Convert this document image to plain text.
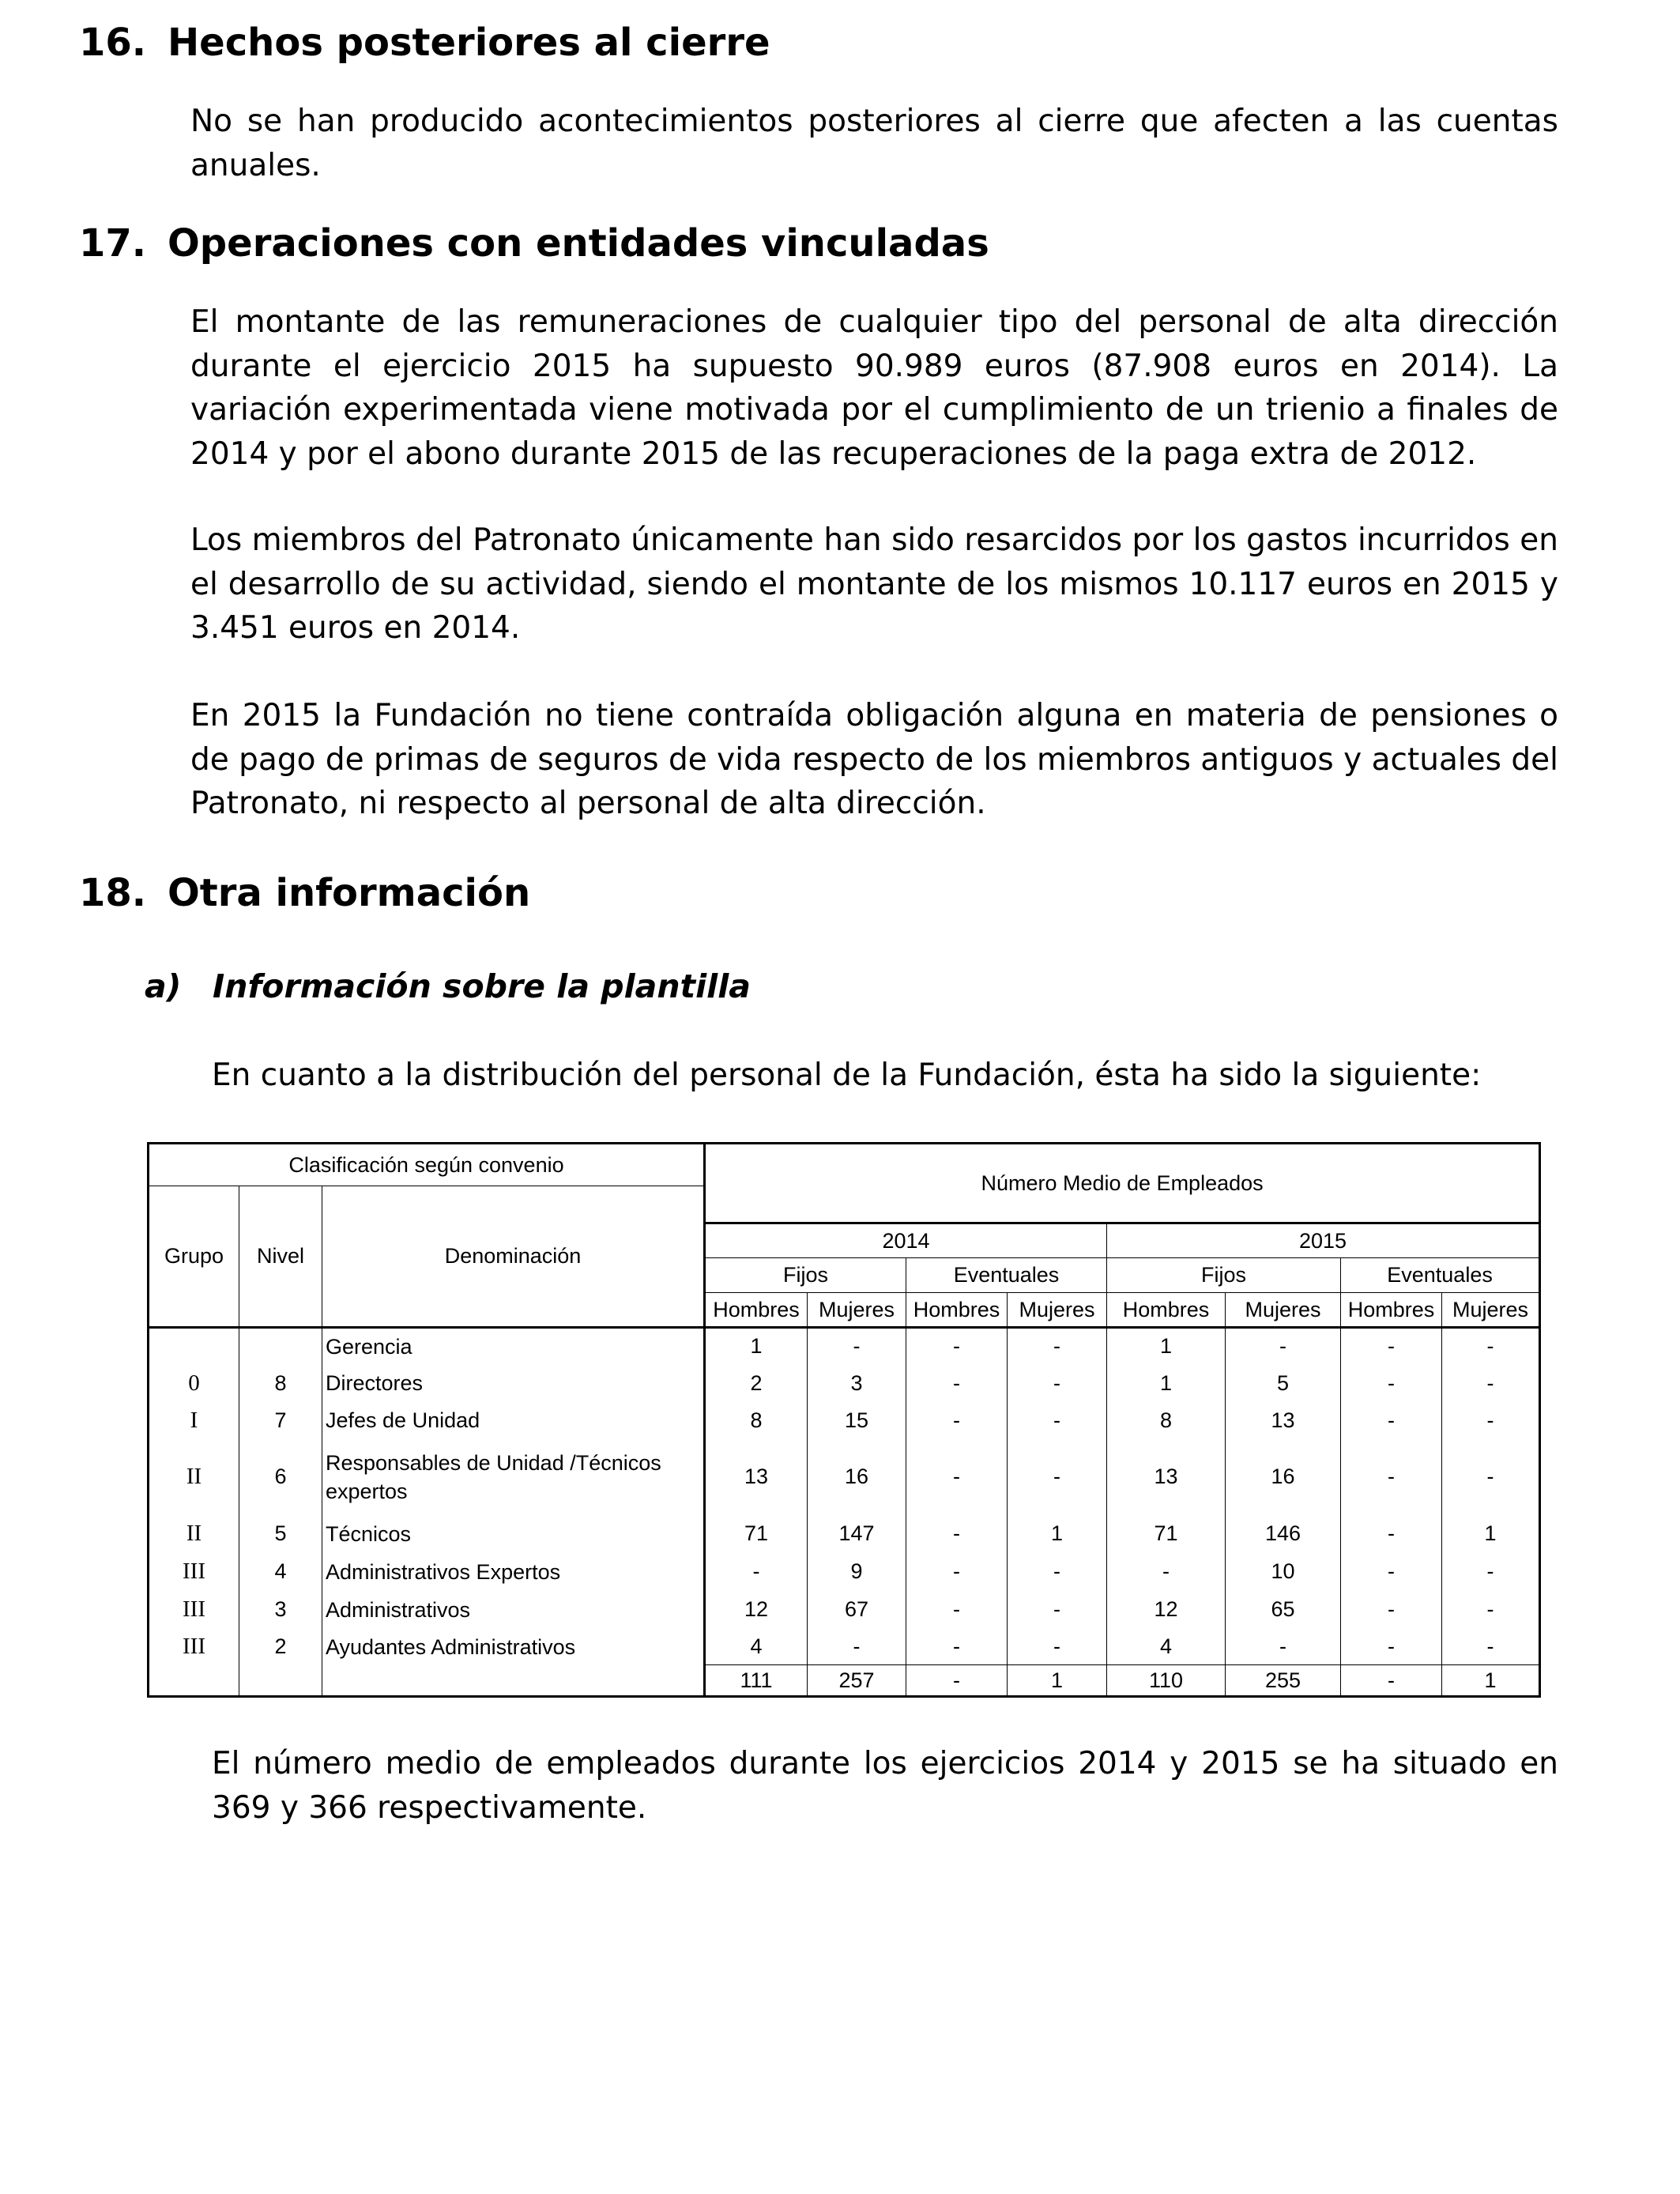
16. Hechos posteriores al cierre
No se han producido acontecimientos posteriores al cierre que afecten a las cuentas anuales.
17. Operaciones con entidades vinculadas
El montante de las remuneraciones de cualquier tipo del personal de alta dirección durante el ejercicio 2015 ha supuesto 90.989 euros (87.908 euros en 2014). La variación experimentada viene motivada por el cumplimiento de un trienio a finales de 2014 y por el abono durante 2015 de las recuperaciones de la paga extra de 2012.
Los miembros del Patronato únicamente han sido resarcidos por los gastos incurridos en el desarrollo de su actividad, siendo el montante de los mismos 10.117 euros en 2015 y 3.451 euros en 2014.
En 2015 la Fundación no tiene contraída obligación alguna en materia de pensiones o de pago de primas de seguros de vida respecto de los miembros antiguos y actuales del Patronato, ni respecto al personal de alta dirección.
18. Otra información
a) Información sobre la plantilla
En cuanto a la distribución del personal de la Fundación, ésta ha sido la siguiente:
Clasificación según convenio			Número Medio de Empleados							
Grupo	Nivel	Denominación								
			2014				2015			
			Fijos		Eventuales		Fijos		Eventuales	
			Hombres	Mujeres	Hombres	Mujeres	Hombres	Mujeres	Hombres	Mujeres
		Gerencia	1	-	-	-	1	-	-	-
0	8	Directores	2	3	-	-	1	5	-	-
I	7	Jefes de Unidad	8	15	-	-	8	13	-	-
II	6	Responsables de Unidad /Técnicos expertos	13	16	-	-	13	16	-	-
II	5	Técnicos	71	147	-	1	71	146	-	1
III	4	Administrativos Expertos	-	9	-	-	-	10	-	-
III	3	Administrativos	12	67	-	-	12	65	-	-
III	2	Ayudantes Administrativos	4	-	-	-	4	-	-	-
			111	257	-	1	110	255	-	1
El número medio de empleados durante los ejercicios 2014 y 2015 se ha situado en 369 y 366 respectivamente.
